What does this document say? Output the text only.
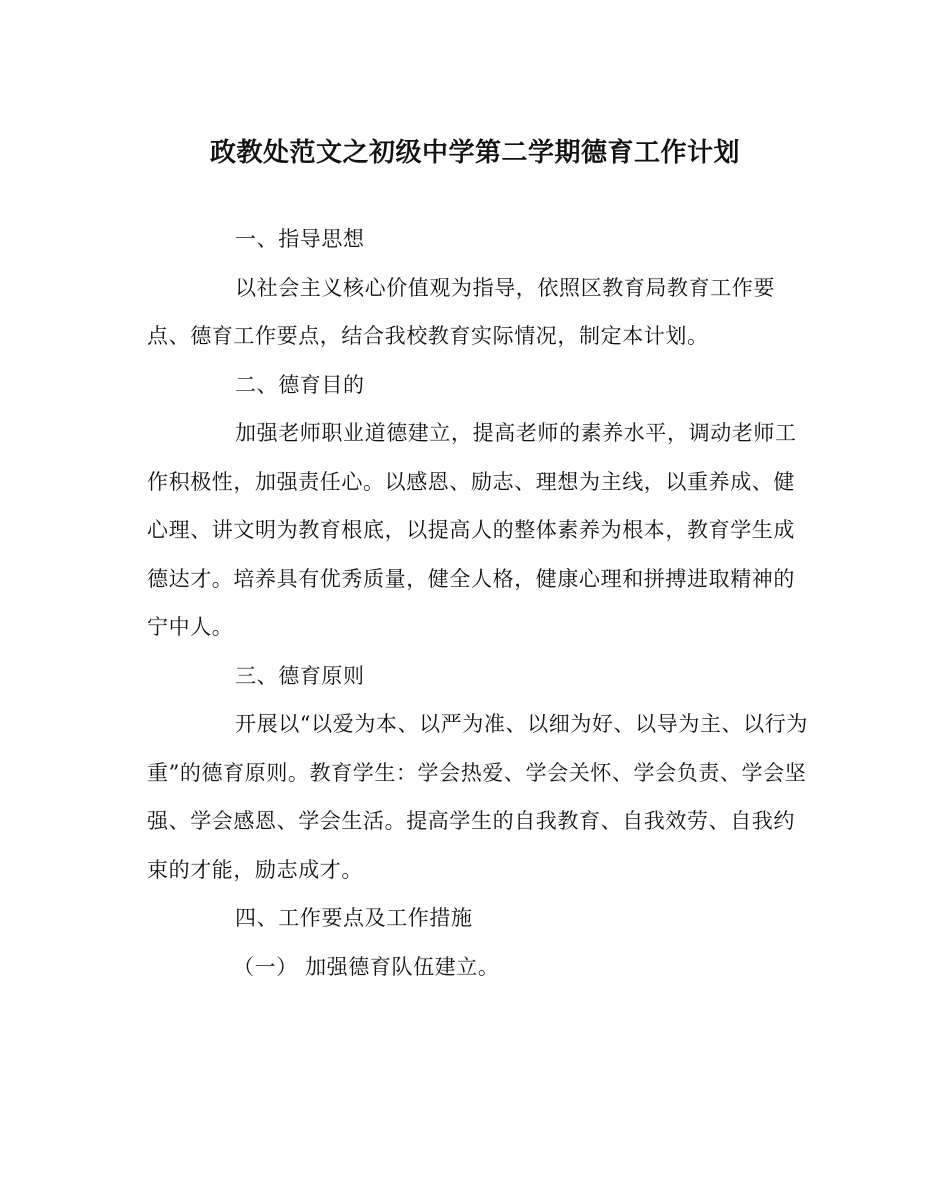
政教处范文之初级中学第二学期德育工作计划

一、指导思想

以社会主义核心价值观为指导，依照区教育局教育工作要点、德育工作要点，结合我校教育实际情况，制定本计划。

二、德育目的

加强老师职业道德建立，提高老师的素养水平，调动老师工作积极性，加强责任心。以感恩、励志、理想为主线，以重养成、健心理、讲文明为教育根底，以提高人的整体素养为根本，教育学生成德达才。培养具有优秀质量，健全人格，健康心理和拼搏进取精神的宁中人。

三、德育原则

开展以“以爱为本、以严为准、以细为好、以导为主、以行为重”的德育原则。教育学生：学会热爱、学会关怀、学会负责、学会坚强、学会感恩、学会生活。提高学生的自我教育、自我效劳、自我约束的才能，励志成才。

四、工作要点及工作措施

（一） 加强德育队伍建立。
